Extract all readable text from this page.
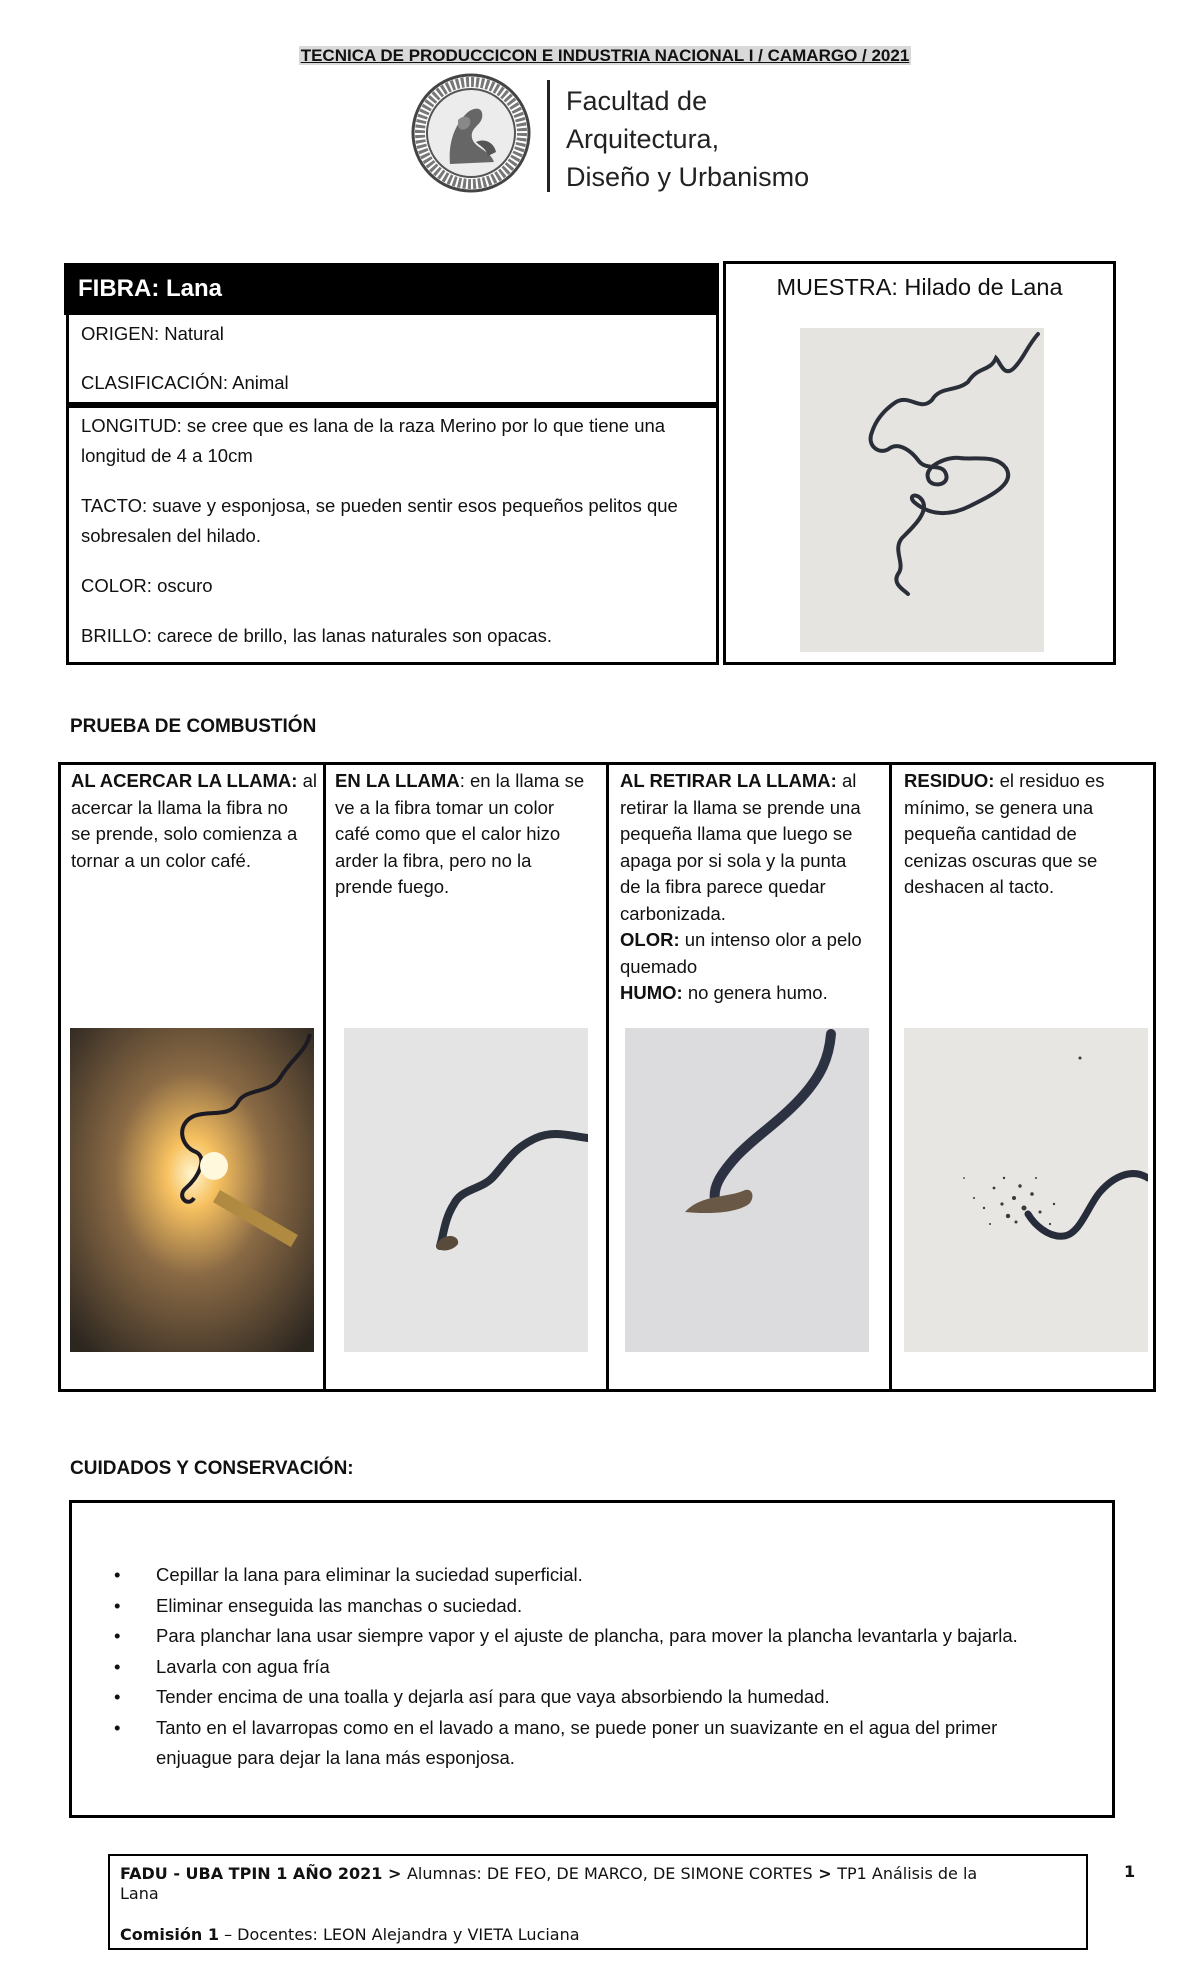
TECNICA DE PRODUCCICON E INDUSTRIA NACIONAL I / CAMARGO / 2021
Facultad de
Arquitectura,
Diseño y Urbanismo
FIBRA: Lana
ORIGEN: Natural
CLASIFICACIÓN: Animal
LONGITUD: se cree que es lana de la raza Merino por lo que tiene una
longitud de 4 a 10cm
TACTO: suave y esponjosa, se pueden sentir esos pequeños pelitos que
sobresalen del hilado.
COLOR: oscuro
BRILLO: carece de brillo, las lanas naturales son opacas.
MUESTRA: Hilado de Lana
PRUEBA DE COMBUSTIÓN
AL ACERCAR LA LLAMA: al
acercar la llama la fibra no
se prende, solo comienza a
tornar a un color café.
EN LA LLAMA: en la llama se
ve a la fibra tomar un color
café como que el calor hizo
arder la fibra, pero no la
prende fuego.
AL RETIRAR LA LLAMA: al
retirar la llama se prende una
pequeña llama que luego se
apaga por si sola y la punta
de la fibra parece quedar
carbonizada.
OLOR: un intenso olor a pelo
quemado
HUMO: no genera humo.
RESIDUO: el residuo es
mínimo, se genera una
pequeña cantidad de
cenizas oscuras que se
deshacen al tacto.
CUIDADOS Y CONSERVACIÓN:
• Cepillar la lana para eliminar la suciedad superficial.
• Eliminar enseguida las manchas o suciedad.
• Para planchar lana usar siempre vapor y el ajuste de plancha, para mover la plancha levantarla y bajarla.
• Lavarla con agua fría
• Tender encima de una toalla y dejarla así para que vaya absorbiendo la humedad.
• Tanto en el lavarropas como en el lavado a mano, se puede poner un suavizante en el agua del primer
enjuague para dejar la lana más esponjosa.
FADU - UBA TPIN 1 AÑO 2021 > Alumnas: DE FEO, DE MARCO, DE SIMONE CORTES > TP1 Análisis de la
Lana
Comisión 1 – Docentes: LEON Alejandra y VIETA Luciana
1
